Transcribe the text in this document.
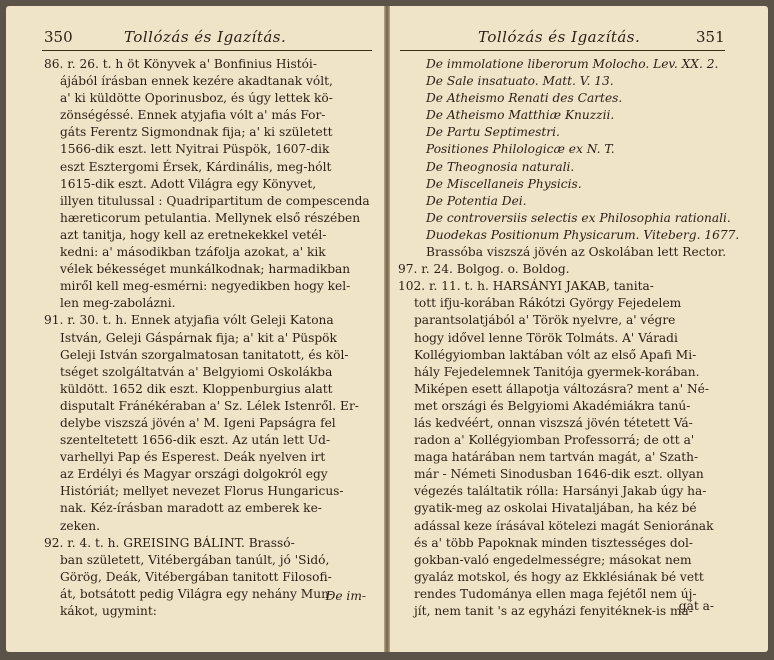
350	Tollózás és Igazítás.
86. r. 26. t. h öt Könyvek a' Bonfinius Histói-
ájából írásban ennek kezére akadtanak vólt,
a' ki küldötte Oporinusboz, és úgy lettek kö-
zönségéssé. Ennek atyjafia vólt a' más For-
gáts Ferentz Sigmondnak fija; a' ki született
1566-dik eszt. lett Nyitrai Püspök, 1607-dik
eszt Esztergomi Érsek, Kárdinális, meg-hólt
1615-dik eszt. Adott Világra egy Könyvet,
illyen titulussal : Quadripartitum de compescenda
hæreticorum petulantia. Mellynek első részében
azt tanitja, hogy kell az eretnekekkel vetél-
kedni: a' másodikban tzáfolja azokat, a' kik
vélek békességet munkálkodnak; harmadikban
miről kell meg-esmérni: negyedikben hogy kel-
len meg-zabolázni.
91. r. 30. t. h. Ennek atyjafia vólt Geleji Katona
István, Geleji Gáspárnak fija; a' kit a' Püspök
Geleji István szorgalmatosan tanitatott, és köl-
tséget szolgáltatván a' Belgyiomi Oskolákba
küldött. 1652 dik eszt. Kloppenburgius alatt
disputalt Fránékéraban a' Sz. Lélek Istenről. Er-
delybe viszszá jövén a' M. Igeni Papságra fel
szenteltetett 1656-dik eszt. Az után lett Ud-
varhellyi Pap és Esperest. Deák nyelven irt
az Erdélyi és Magyar országi dolgokról egy
Históriát; mellyet nevezet Florus Hungaricus-
nak. Kéz-írásban maradott az emberek ke-
zeken.
92. r. 4. t. h. GREISING BÁLINT. Brassó-
ban született, Vitébergában tanúlt, jó 'Sidó,
Görög, Deák, Vitébergában tanitott Filosofi-
át, botsátott pedig Világra egy nehány Mun-
kákot, ugymint:
De im-
Tollózás és Igazítás.	351
De immolatione liberorum Molocho. Lev. XX. 2.
De Sale insatuato. Matt. V. 13.
De Atheismo Renati des Cartes.
De Atheismo Matthiæ Knuzzii.
De Partu Septimestri.
Positiones Philologicæ ex N. T.
De Theognosia naturali.
De Miscellaneis Physicis.
De Potentia Dei.
De controversiis selectis ex Philosophia rationali.
Duodekas Positionum Physicarum. Viteberg. 1677.
Brassóba viszszá jövén az Oskolában lett Rector.
97. r. 24. Bolgog. o. Boldog.
102. r. 11. t. h. HARSÁNYI JAKAB, tanita-
tott ifju-korában Rákótzi György Fejedelem
parantsolatjából a' Török nyelvre, a' végre
hogy idővel lenne Török Tolmáts. A' Váradi
Kollégyiomban laktában vólt az első Apafi Mi-
hály Fejedelemnek Tanitója gyermek-korában.
Miképen esett állapotja változásra? ment a' Né-
met országi és Belgyiomi Akadémiákra tanú-
lás kedvéért, onnan viszszá jövén tétetett Vá-
radon a' Kollégyiomban Professorrá; de ott a'
maga határában nem tartván magát, a' Szath-
már - Németi Sinodusban 1646-dik eszt. ollyan
végezés találtatik rólla: Harsányi Jakab úgy ha-
gyatik-meg az oskolai Hivataljában, ha kéz bé
adással keze írásával kötelezi magát Seniorának
és a' több Papoknak minden tisztességes dol-
gokban-való engedelmességre; másokat nem
gyaláz motskol, és hogy az Ekklésiának bé vett
rendes Tudománya ellen maga fejétől nem új-
jít, nem tanit 's az egyházi fenyitéknek-is ma-
gát a-
